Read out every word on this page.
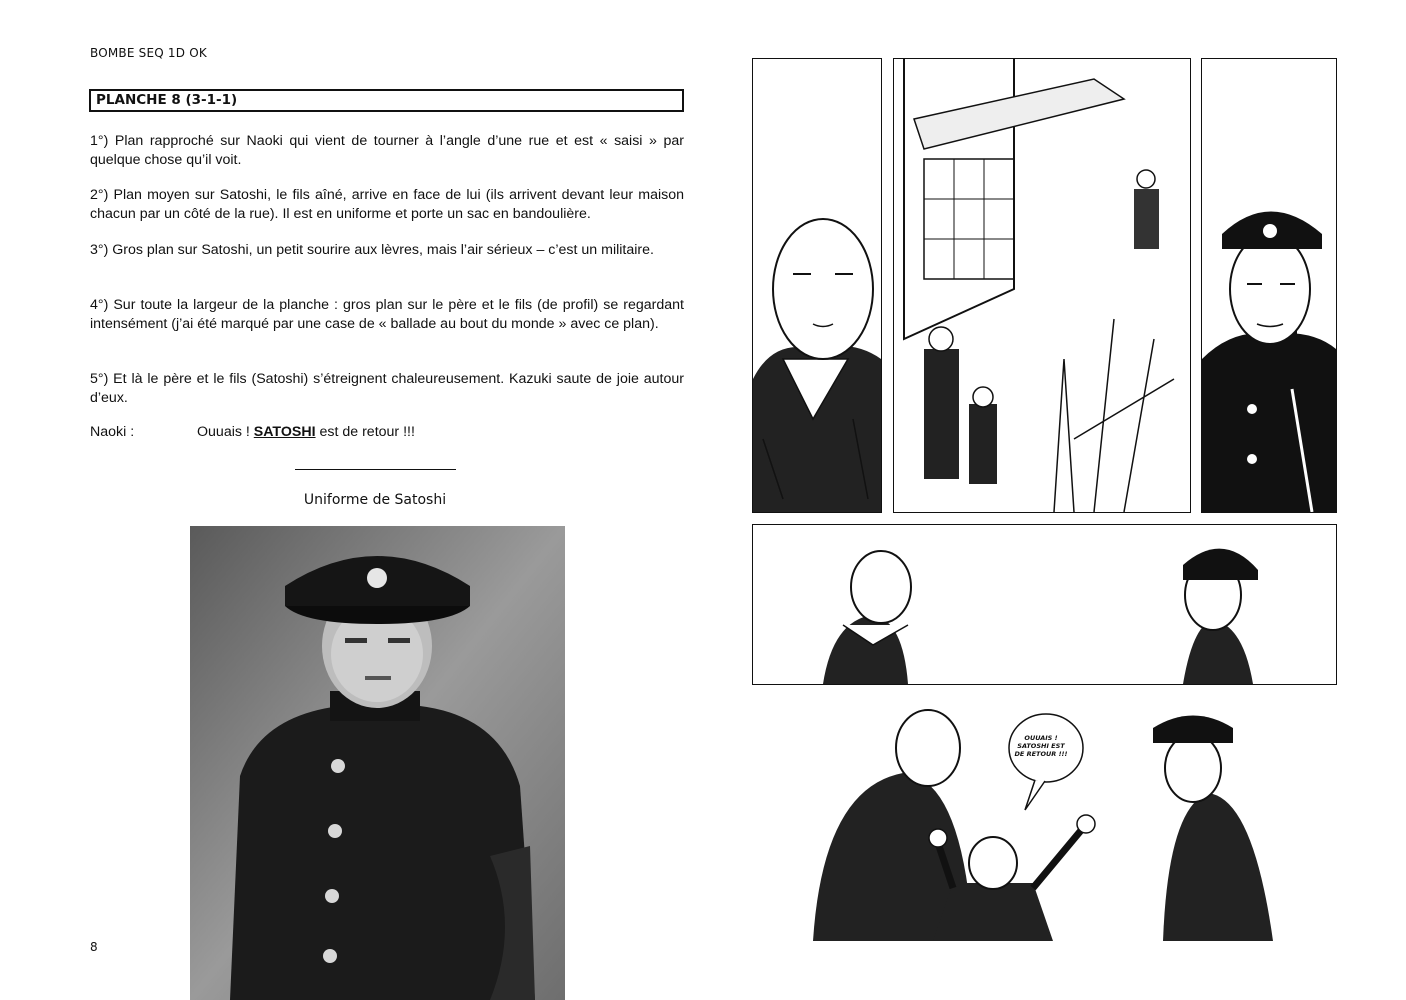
BOMBE SEQ 1D OK
PLANCHE 8 (3-1-1)
1°) Plan rapproché sur Naoki qui vient de tourner à l’angle d’une rue et est « saisi » par quelque chose qu’il voit.
2°) Plan moyen sur Satoshi, le fils aîné, arrive en face de lui (ils arrivent devant leur maison chacun par un côté de la rue). Il est en uniforme et porte un sac en bandoulière.
3°) Gros plan sur Satoshi, un petit sourire aux lèvres, mais l’air sérieux – c’est un militaire.
4°) Sur toute la largeur de la planche : gros plan sur le père et le fils (de profil) se regardant intensément (j’ai été marqué par une case de « ballade au bout du monde » avec ce plan).
5°) Et là le père et le fils (Satoshi) s’étreignent chaleureusement. Kazuki saute de joie autour d’eux.
Naoki :	Ouuais ! SATOSHI est de retour !!!
Uniforme de Satoshi
8
OUUAIS !
SATOSHI EST
DE RETOUR !!!
